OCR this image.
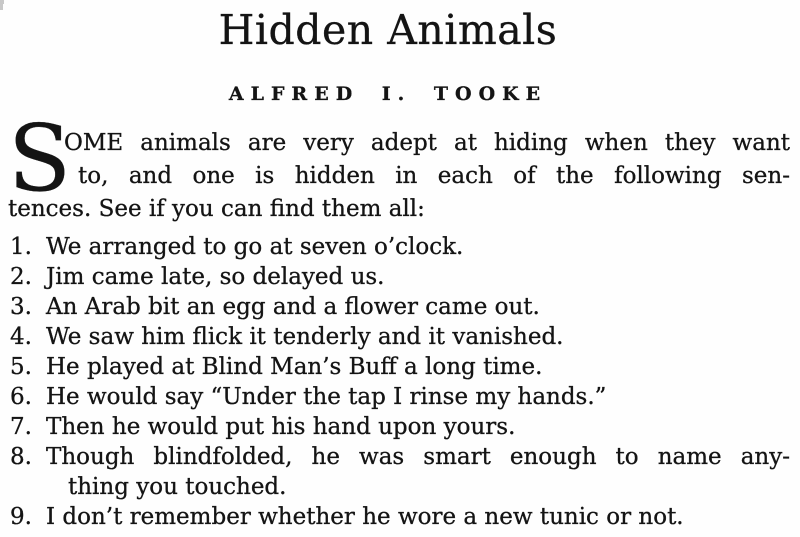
Hidden Animals
ALFRED I. TOOKE
S
OME animals are very adept at hiding when they want
to, and one is hidden in each of the following sen-
tences. See if you can find them all:
1. We arranged to go at seven o’clock.
2. Jim came late, so delayed us.
3. An Arab bit an egg and a flower came out.
4. We saw him flick it tenderly and it vanished.
5. He played at Blind Man’s Buff a long time.
6. He would say “Under the tap I rinse my hands.”
7. Then he would put his hand upon yours.
8. Though blindfolded, he was smart enough to name any-
thing you touched.
9. I don’t remember whether he wore a new tunic or not.
